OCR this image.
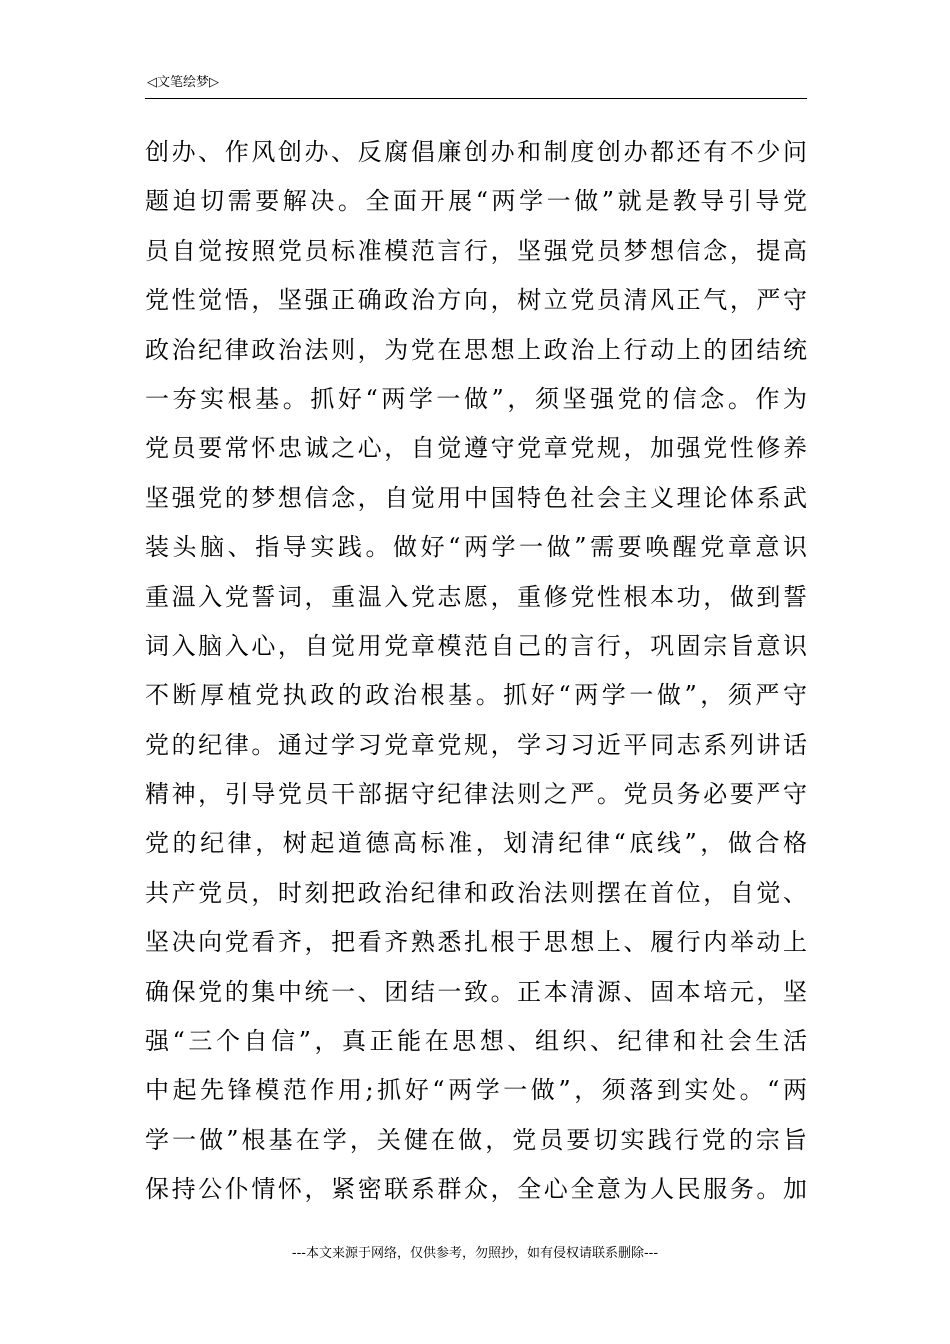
◁文笔绘梦▷
创办、作风创办、反腐倡廉创办和制度创办都还有不少问
题迫切需要解决。全面开展“两学一做”就是教导引导党
员自觉按照党员标准模范言行，坚强党员梦想信念，提高
党性觉悟，坚强正确政治方向，树立党员清风正气，严守
政治纪律政治法则，为党在思想上政治上行动上的团结统
一夯实根基。抓好“两学一做”，须坚强党的信念。作为
党员要常怀忠诚之心，自觉遵守党章党规，加强党性修养
坚强党的梦想信念，自觉用中国特色社会主义理论体系武
装头脑、指导实践。做好“两学一做”需要唤醒党章意识
重温入党誓词，重温入党志愿，重修党性根本功，做到誓
词入脑入心，自觉用党章模范自己的言行，巩固宗旨意识
不断厚植党执政的政治根基。抓好“两学一做”，须严守
党的纪律。通过学习党章党规，学习习近平同志系列讲话
精神，引导党员干部据守纪律法则之严。党员务必要严守
党的纪律，树起道德高标准，划清纪律“底线”，做合格
共产党员，时刻把政治纪律和政治法则摆在首位，自觉、
坚决向党看齐，把看齐熟悉扎根于思想上、履行内举动上
确保党的集中统一、团结一致。正本清源、固本培元，坚
强“三个自信”，真正能在思想、组织、纪律和社会生活
中起先锋模范作用;抓好“两学一做”，须落到实处。“两
学一做”根基在学，关健在做，党员要切实践行党的宗旨
保持公仆情怀，紧密联系群众，全心全意为人民服务。加
---本文来源于网络，仅供参考，勿照抄，如有侵权请联系删除---
